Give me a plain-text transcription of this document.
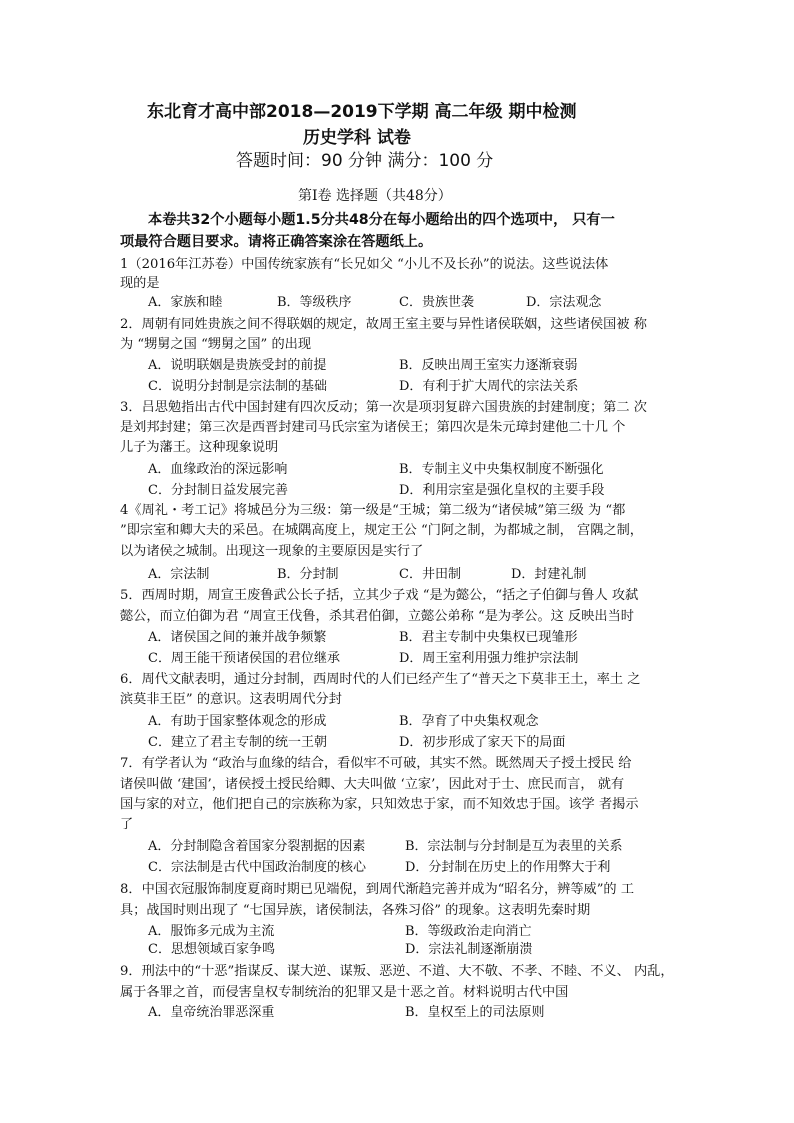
东北育才高中部2018—2019下学期 高二年级 期中检测
历史学科 试卷
答题时间：90 分钟 满分：100 分
第Ⅰ卷 选择题（共48分）
本卷共32个小题每小题1.5分共48分在每小题给出的四个选项中， 只有一
项最符合题目要求。请将正确答案涂在答题纸上。
1（2016年江苏卷）中国传统家族有“长兄如父 “小儿不及长孙”的说法。这些说法体
现的是
A．家族和睦	B．等级秩序	C．贵族世袭	D．宗法观念
2．周朝有同姓贵族之间不得联姻的规定，故周王室主要与异性诸侯联姻，这些诸侯国被 称
为 “甥舅之国 “甥舅之国” 的出现
A．说明联姻是贵族受封的前提	B．反映出周王室实力逐渐衰弱
C．说明分封制是宗法制的基础	D．有利于扩大周代的宗法关系
3．吕思勉指出古代中国封建有四次反动；第一次是项羽复辟六国贵族的封建制度；第二 次
是刘邦封建；第三次是西晋封建司马氏宗室为诸侯王；第四次是朱元璋封建他二十几 个
儿子为藩王。这种现象说明
A．血缘政治的深远影响	B．专制主义中央集权制度不断强化
C．分封制日益发展完善	D．利用宗室是强化皇权的主要手段
4《周礼・考工记》将城邑分为三级：第一级是“王城；第二级为“诸侯城”第三级 为 “都
”即宗室和卿大夫的采邑。在城隅高度上，规定王公 “门阿之制，为都城之制， 宫隅之制，
以为诸侯之城制。出现这一现象的主要原因是实行了
A．宗法制	B．分封制	C．井田制	D．封建礼制
5．西周时期，周宣王废鲁武公长子括，立其少子戏 “是为懿公，“括之子伯御与鲁人 攻弑
懿公，而立伯御为君 “周宣王伐鲁，杀其君伯御，立懿公弟称 “是为孝公。这 反映出当时
A．诸侯国之间的兼并战争频繁	B．君主专制中央集权已现雏形
C．周王能干预诸侯国的君位继承	D．周王室利用强力维护宗法制
6．周代文献表明，通过分封制，西周时代的人们已经产生了“普天之下莫非王土，率土 之
滨莫非王臣” 的意识。这表明周代分封
A．有助于国家整体观念的形成	B．孕育了中央集权观念
C．建立了君主专制的统一王朝	D．初步形成了家天下的局面
7．有学者认为 “政治与血缘的结合，看似牢不可破，其实不然。既然周天子授土授民 给
诸侯叫做 ‘建国’，诸侯授土授民给卿、大夫叫做 ‘立家’，因此对于士、庶民而言， 就有
国与家的对立，他们把自己的宗族称为家，只知效忠于家，而不知效忠于国。该学 者揭示
了
A．分封制隐含着国家分裂割据的因素	B．宗法制与分封制是互为表里的关系
C．宗法制是古代中国政治制度的核心	D．分封制在历史上的作用弊大于利
8．中国衣冠服饰制度夏商时期已见端倪，到周代渐趋完善并成为“昭名分，辨等威”的 工
具；战国时则出现了 “七国异族，诸侯制法，各殊习俗” 的现象。这表明先秦时期
A．服饰多元成为主流	B．等级政治走向消亡
C．思想领域百家争鸣	D．宗法礼制逐渐崩溃
9．刑法中的“十恶”指谋反、谋大逆、谋叛、恶逆、不道、大不敬、不孝、不睦、不义、 内乱，
属于各罪之首，而侵害皇权专制统治的犯罪又是十恶之首。材料说明古代中国
A．皇帝统治罪恶深重	B．皇权至上的司法原则
